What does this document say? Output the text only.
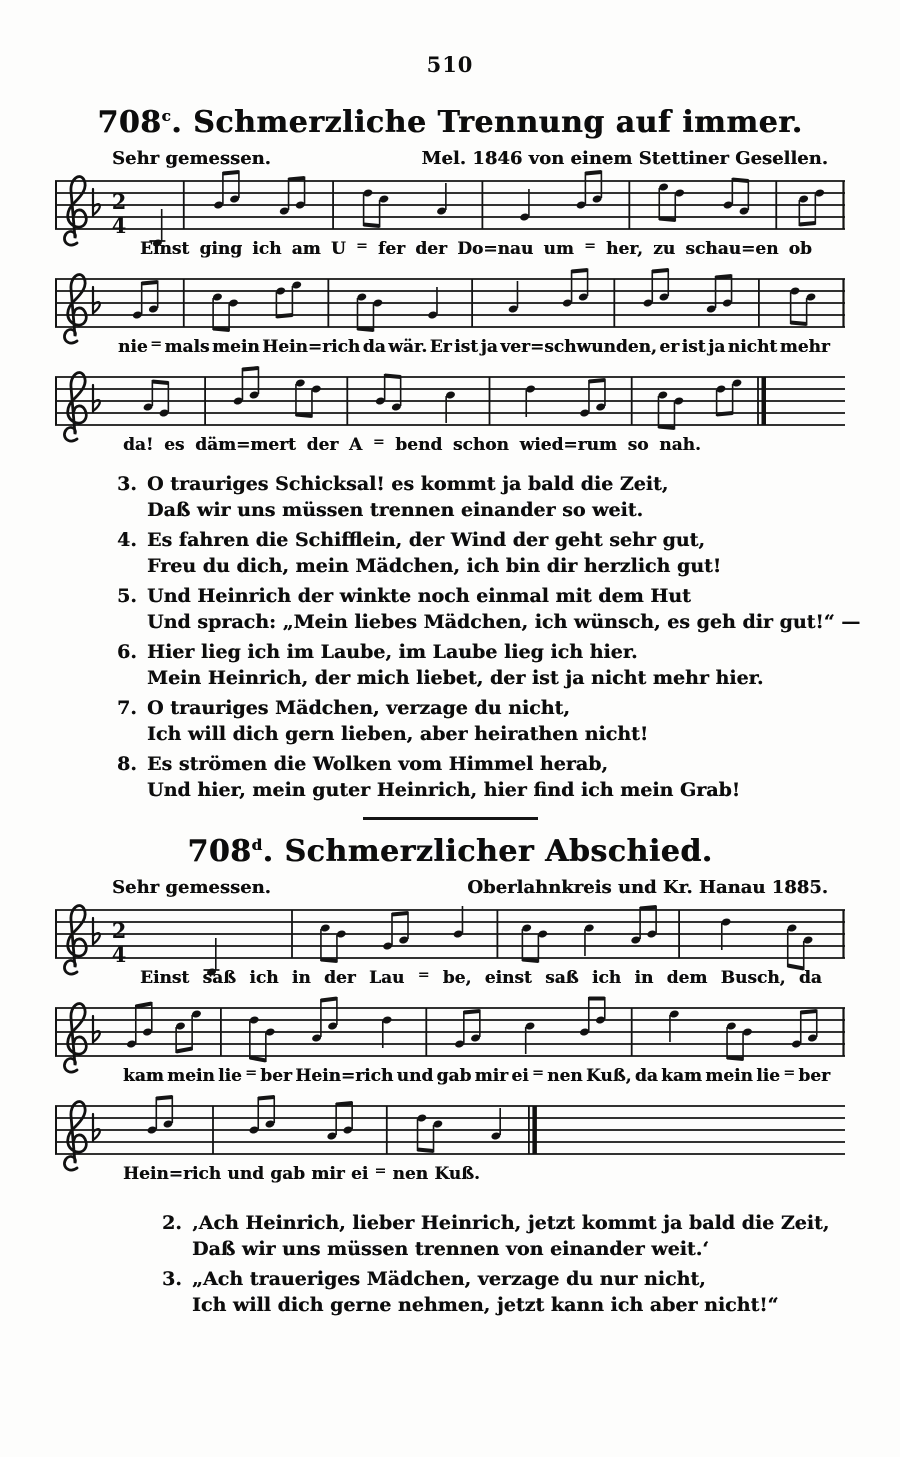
510
708$^c$. Schmerzliche Trennung auf immer.
Sehr gemessen.	Mel. 1846 von einem Stettiner Gesellen.
2
4
Einst ging ich am U = fer der Do=nau um = her, zu schau=en ob
nie = mals mein Hein=rich da wär. Er ist ja ver=schwunden, er ist ja nicht mehr
da! es däm=mert der A = bend schon wied=rum so nah.
3. O trauriges Schicksal! es kommt ja bald die Zeit,
Daß wir uns müssen trennen einander so weit.
4. Es fahren die Schifflein, der Wind der geht sehr gut,
Freu du dich, mein Mädchen, ich bin dir herzlich gut!
5. Und Heinrich der winkte noch einmal mit dem Hut
Und sprach: „Mein liebes Mädchen, ich wünsch, es geh dir gut!“ —
6. Hier lieg ich im Laube, im Laube lieg ich hier.
Mein Heinrich, der mich liebet, der ist ja nicht mehr hier.
7. O trauriges Mädchen, verzage du nicht,
Ich will dich gern lieben, aber heirathen nicht!
8. Es strömen die Wolken vom Himmel herab,
Und hier, mein guter Heinrich, hier find ich mein Grab!
708$^d$. Schmerzlicher Abschied.
Sehr gemessen.	Oberlahnkreis und Kr. Hanau 1885.
2
4
Einst saß ich in der Lau = be, einst saß ich in dem Busch, da
kam mein lie = ber Hein=rich und gab mir ei = nen Kuß, da kam mein lie = ber
Hein=rich und gab mir ei = nen Kuß.
2. ‚Ach Heinrich, lieber Heinrich, jetzt kommt ja bald die Zeit,
Daß wir uns müssen trennen von einander weit.‘
3. „Ach traueriges Mädchen, verzage du nur nicht,
Ich will dich gerne nehmen, jetzt kann ich aber nicht!“
